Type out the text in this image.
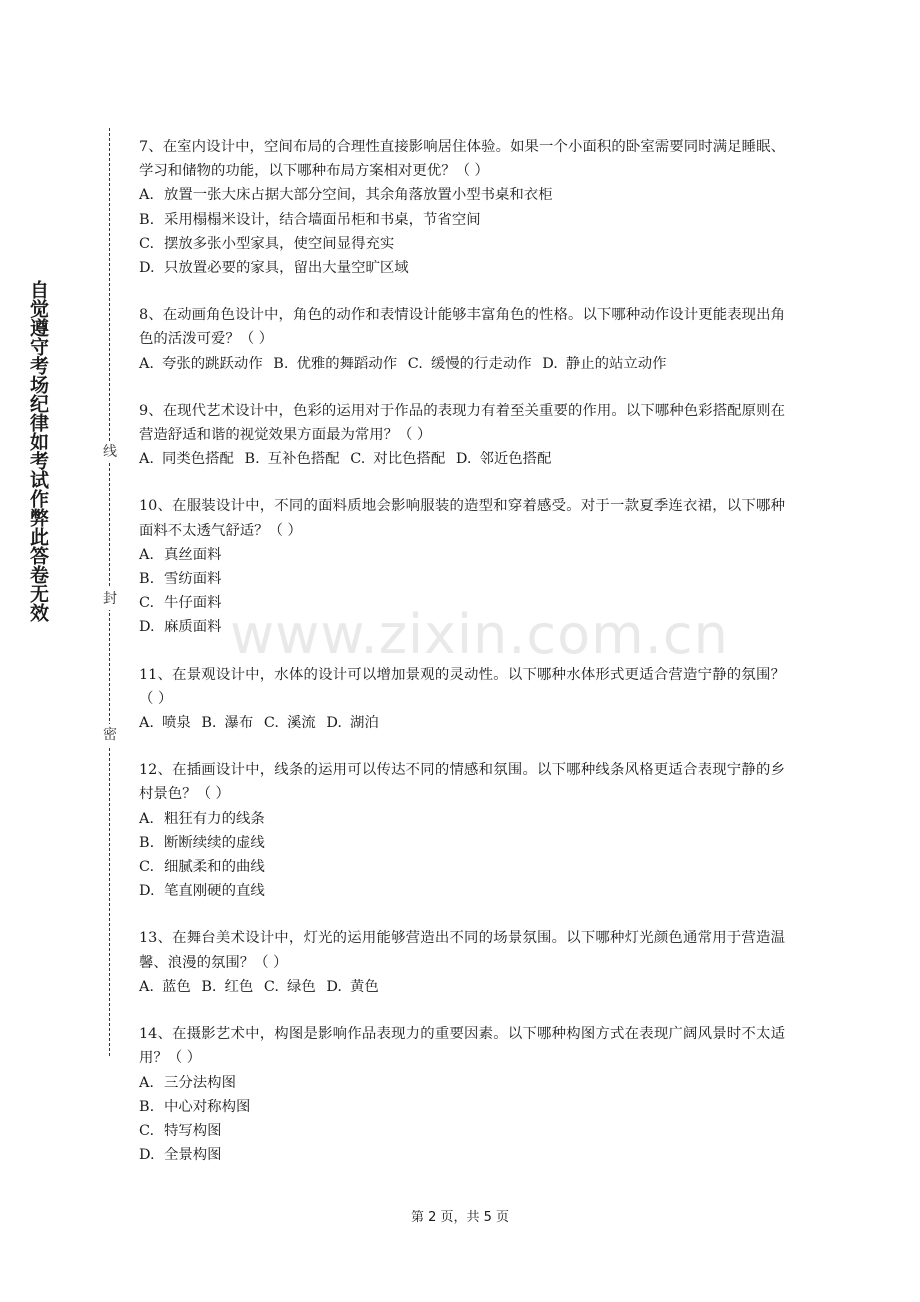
自觉遵守考场纪律如考试作弊此答卷无效	线
封
密
www.zixin.com.cn

7、在室内设计中，空间布局的合理性直接影响居住体验。如果一个小面积的卧室需要同时满足睡眠、学习和储物的功能，以下哪种布局方案相对更优？（ ）

A. 放置一张大床占据大部分空间，其余角落放置小型书桌和衣柜

B. 采用榻榻米设计，结合墙面吊柜和书桌，节省空间

C. 摆放多张小型家具，使空间显得充实

D. 只放置必要的家具，留出大量空旷区域

8、在动画角色设计中，角色的动作和表情设计能够丰富角色的性格。以下哪种动作设计更能表现出角色的活泼可爱？（ ）

A. 夸张的跳跃动作 B. 优雅的舞蹈动作 C. 缓慢的行走动作 D. 静止的站立动作

9、在现代艺术设计中，色彩的运用对于作品的表现力有着至关重要的作用。以下哪种色彩搭配原则在营造舒适和谐的视觉效果方面最为常用？（ ）

A. 同类色搭配 B. 互补色搭配 C. 对比色搭配 D. 邻近色搭配

10、在服装设计中，不同的面料质地会影响服装的造型和穿着感受。对于一款夏季连衣裙，以下哪种面料不太透气舒适？（ ）

A. 真丝面料

B. 雪纺面料

C. 牛仔面料

D. 麻质面料

11、在景观设计中，水体的设计可以增加景观的灵动性。以下哪种水体形式更适合营造宁静的氛围？（ ）

A. 喷泉 B. 瀑布 C. 溪流 D. 湖泊

12、在插画设计中，线条的运用可以传达不同的情感和氛围。以下哪种线条风格更适合表现宁静的乡村景色？（ ）

A. 粗狂有力的线条

B. 断断续续的虚线

C. 细腻柔和的曲线

D. 笔直刚硬的直线

13、在舞台美术设计中，灯光的运用能够营造出不同的场景氛围。以下哪种灯光颜色通常用于营造温馨、浪漫的氛围？（ ）

A. 蓝色 B. 红色 C. 绿色 D. 黄色

14、在摄影艺术中，构图是影响作品表现力的重要因素。以下哪种构图方式在表现广阔风景时不太适用？（ ）

A. 三分法构图

B. 中心对称构图

C. 特写构图

D. 全景构图

第 2 页，共 5 页
